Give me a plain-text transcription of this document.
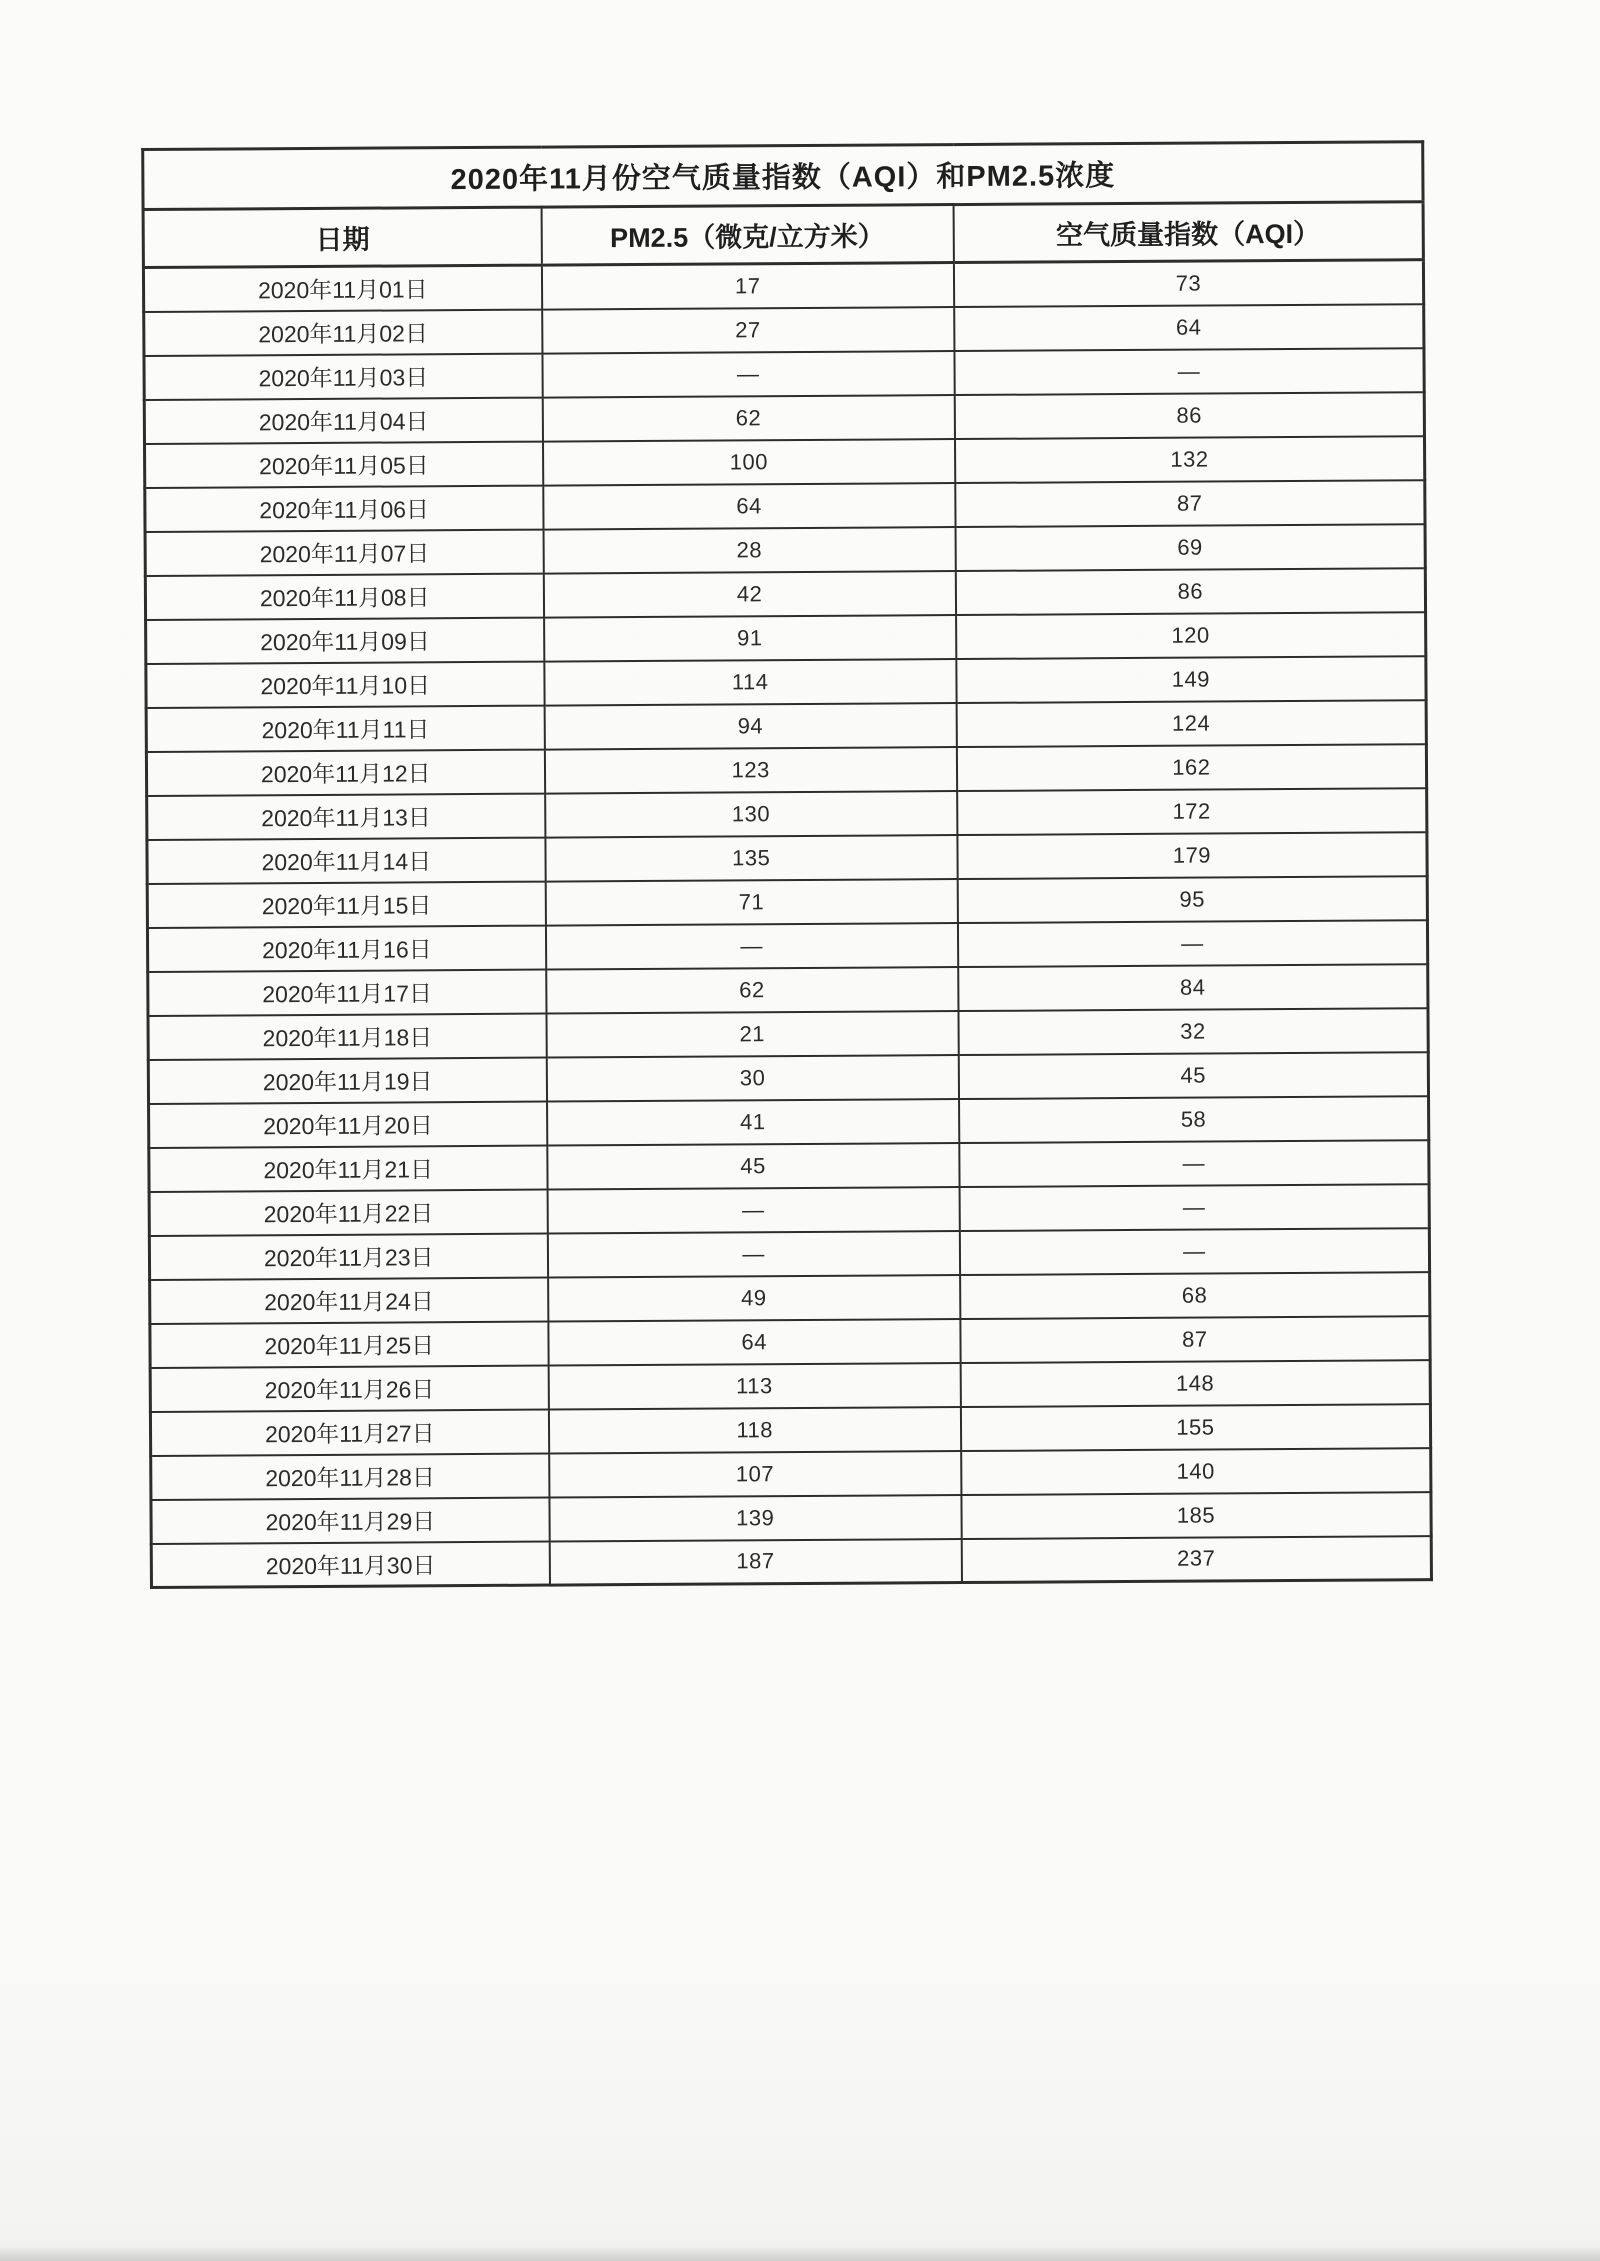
2020年11月份空气质量指数（AQI）和PM2.5浓度		
日期	PM2.5（微克/立方米）	空气质量指数（AQI）
2020年11月01日	17	73
2020年11月02日	27	64
2020年11月03日	—	—
2020年11月04日	62	86
2020年11月05日	100	132
2020年11月06日	64	87
2020年11月07日	28	69
2020年11月08日	42	86
2020年11月09日	91	120
2020年11月10日	114	149
2020年11月11日	94	124
2020年11月12日	123	162
2020年11月13日	130	172
2020年11月14日	135	179
2020年11月15日	71	95
2020年11月16日	—	—
2020年11月17日	62	84
2020年11月18日	21	32
2020年11月19日	30	45
2020年11月20日	41	58
2020年11月21日	45	—
2020年11月22日	—	—
2020年11月23日	—	—
2020年11月24日	49	68
2020年11月25日	64	87
2020年11月26日	113	148
2020年11月27日	118	155
2020年11月28日	107	140
2020年11月29日	139	185
2020年11月30日	187	237
